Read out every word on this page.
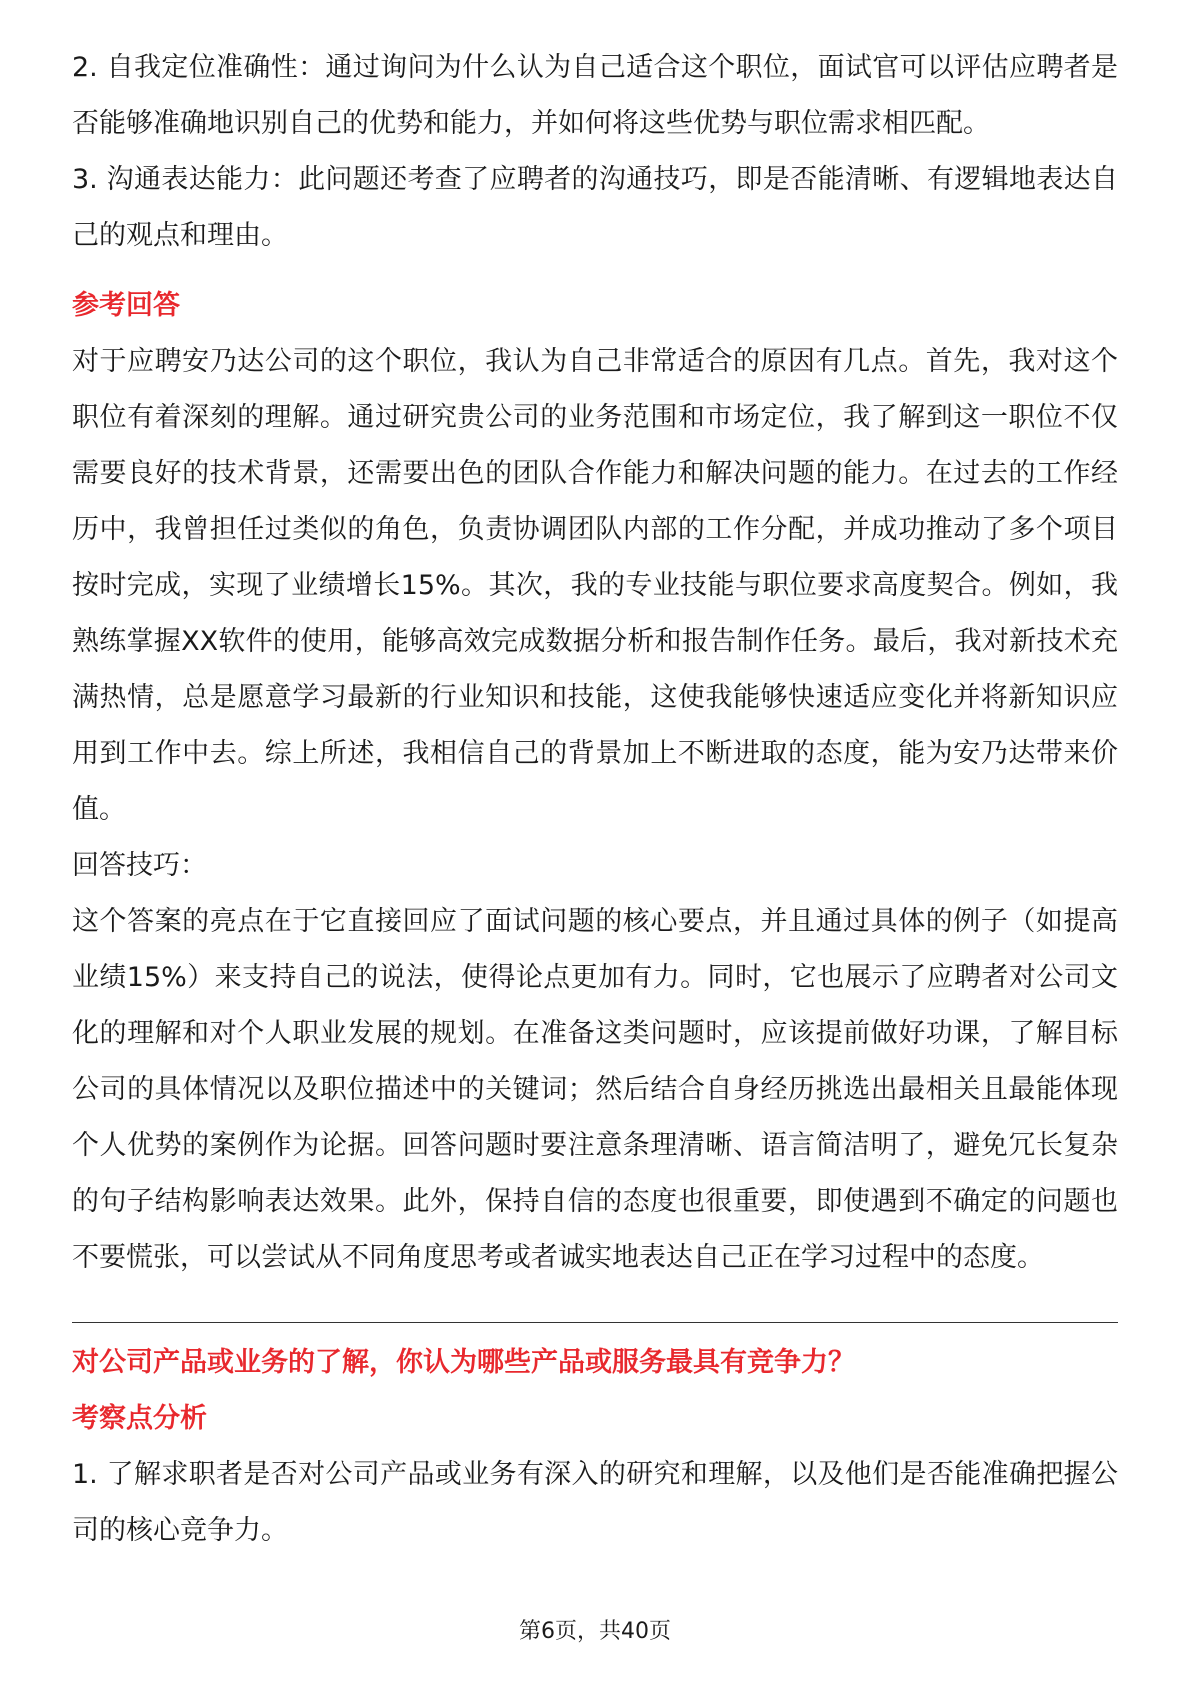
2. 自我定位准确性：通过询问为什么认为自己适合这个职位，面试官可以评估应聘者是否能够准确地识别自己的优势和能力，并如何将这些优势与职位需求相匹配。

3. 沟通表达能力：此问题还考查了应聘者的沟通技巧，即是否能清晰、有逻辑地表达自己的观点和理由。

参考回答

对于应聘安乃达公司的这个职位，我认为自己非常适合的原因有几点。首先，我对这个职位有着深刻的理解。通过研究贵公司的业务范围和市场定位，我了解到这一职位不仅需要良好的技术背景，还需要出色的团队合作能力和解决问题的能力。在过去的工作经历中，我曾担任过类似的角色，负责协调团队内部的工作分配，并成功推动了多个项目按时完成，实现了业绩增长15%。其次，我的专业技能与职位要求高度契合。例如，我熟练掌握XX软件的使用，能够高效完成数据分析和报告制作任务。最后，我对新技术充满热情，总是愿意学习最新的行业知识和技能，这使我能够快速适应变化并将新知识应用到工作中去。综上所述，我相信自己的背景加上不断进取的态度，能为安乃达带来价值。

回答技巧：

这个答案的亮点在于它直接回应了面试问题的核心要点，并且通过具体的例子（如提高业绩15%）来支持自己的说法，使得论点更加有力。同时，它也展示了应聘者对公司文化的理解和对个人职业发展的规划。在准备这类问题时，应该提前做好功课，了解目标公司的具体情况以及职位描述中的关键词；然后结合自身经历挑选出最相关且最能体现个人优势的案例作为论据。回答问题时要注意条理清晰、语言简洁明了，避免冗长复杂的句子结构影响表达效果。此外，保持自信的态度也很重要，即使遇到不确定的问题也不要慌张，可以尝试从不同角度思考或者诚实地表达自己正在学习过程中的态度。

对公司产品或业务的了解，你认为哪些产品或服务最具有竞争力？

考察点分析

1. 了解求职者是否对公司产品或业务有深入的研究和理解，以及他们是否能准确把握公司的核心竞争力。

第6页，共40页
